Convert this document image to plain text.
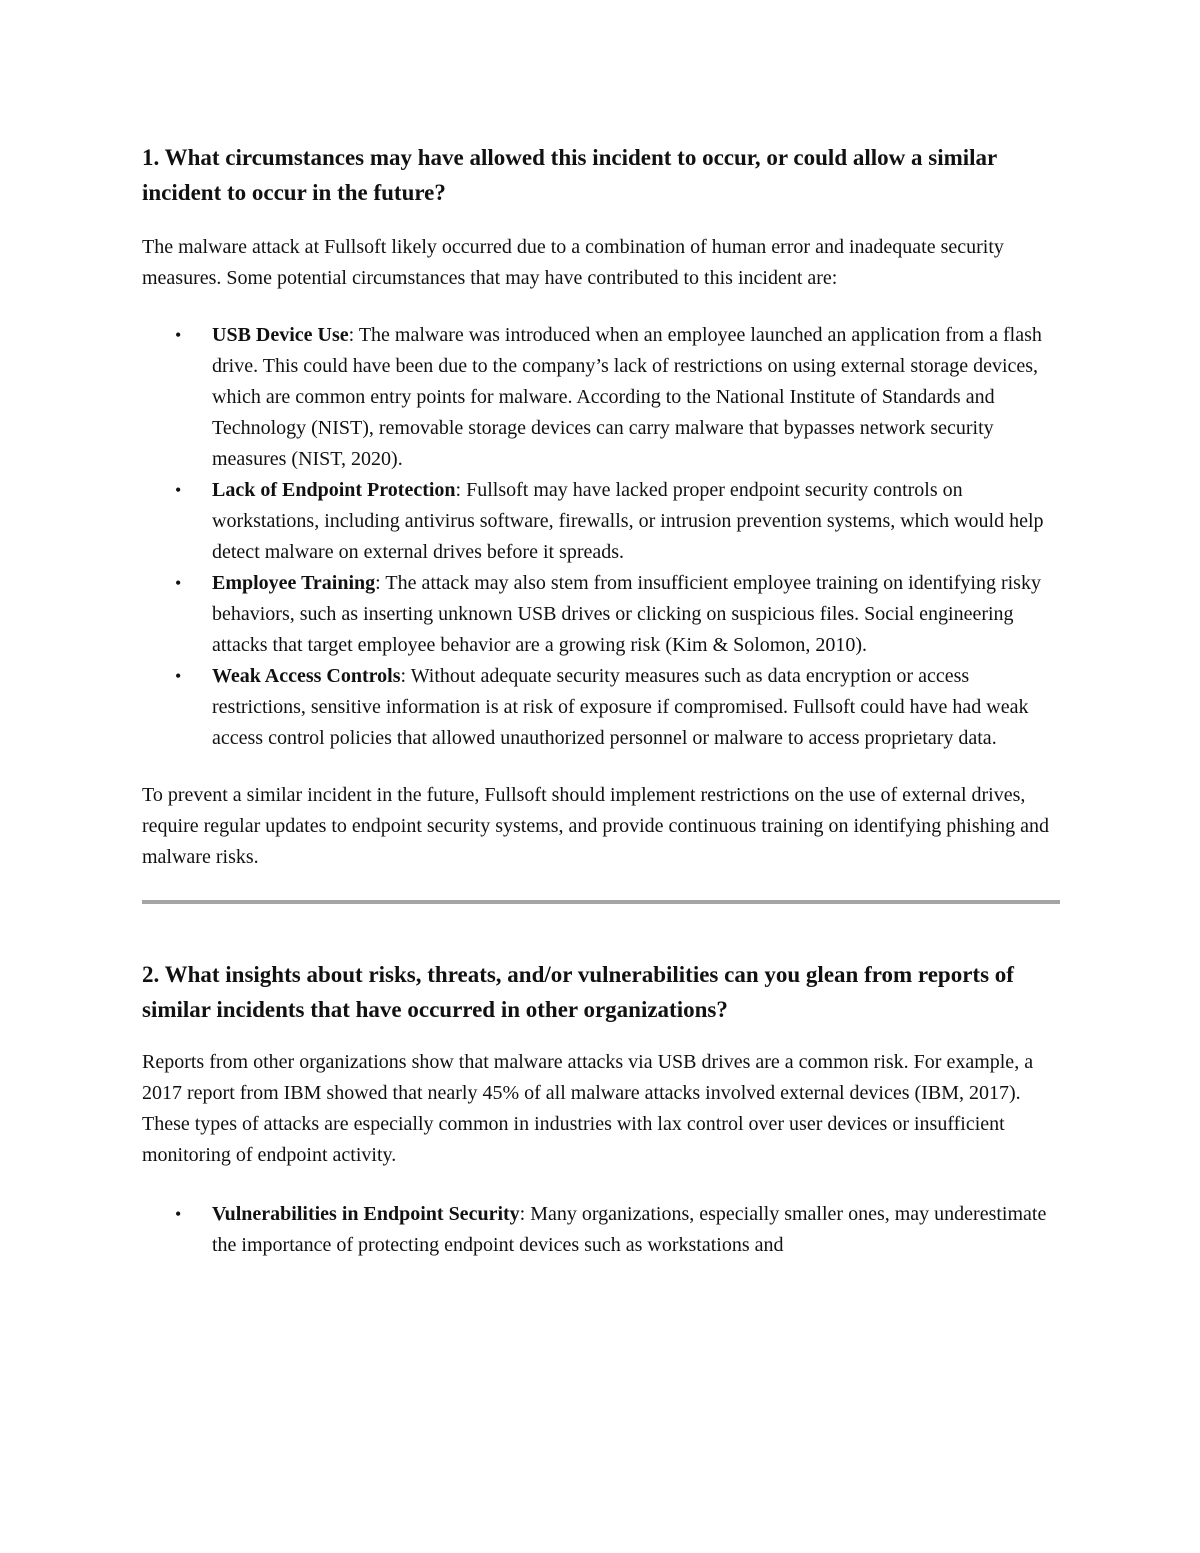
1. What circumstances may have allowed this incident to occur, or could allow a similar incident to occur in the future?

The malware attack at Fullsoft likely occurred due to a combination of human error and inadequate security measures. Some potential circumstances that may have contributed to this incident are:

• USB Device Use: The malware was introduced when an employee launched an application from a flash drive. This could have been due to the company’s lack of restrictions on using external storage devices, which are common entry points for malware. According to the National Institute of Standards and Technology (NIST), removable storage devices can carry malware that bypasses network security measures (NIST, 2020).
• Lack of Endpoint Protection: Fullsoft may have lacked proper endpoint security controls on workstations, including antivirus software, firewalls, or intrusion prevention systems, which would help detect malware on external drives before it spreads.
• Employee Training: The attack may also stem from insufficient employee training on identifying risky behaviors, such as inserting unknown USB drives or clicking on suspicious files. Social engineering attacks that target employee behavior are a growing risk (Kim & Solomon, 2010).
• Weak Access Controls: Without adequate security measures such as data encryption or access restrictions, sensitive information is at risk of exposure if compromised. Fullsoft could have had weak access control policies that allowed unauthorized personnel or malware to access proprietary data.

To prevent a similar incident in the future, Fullsoft should implement restrictions on the use of external drives, require regular updates to endpoint security systems, and provide continuous training on identifying phishing and malware risks.

2. What insights about risks, threats, and/or vulnerabilities can you glean from reports of similar incidents that have occurred in other organizations?

Reports from other organizations show that malware attacks via USB drives are a common risk. For example, a 2017 report from IBM showed that nearly 45% of all malware attacks involved external devices (IBM, 2017). These types of attacks are especially common in industries with lax control over user devices or insufficient monitoring of endpoint activity.

• Vulnerabilities in Endpoint Security: Many organizations, especially smaller ones, may underestimate the importance of protecting endpoint devices such as workstations and
